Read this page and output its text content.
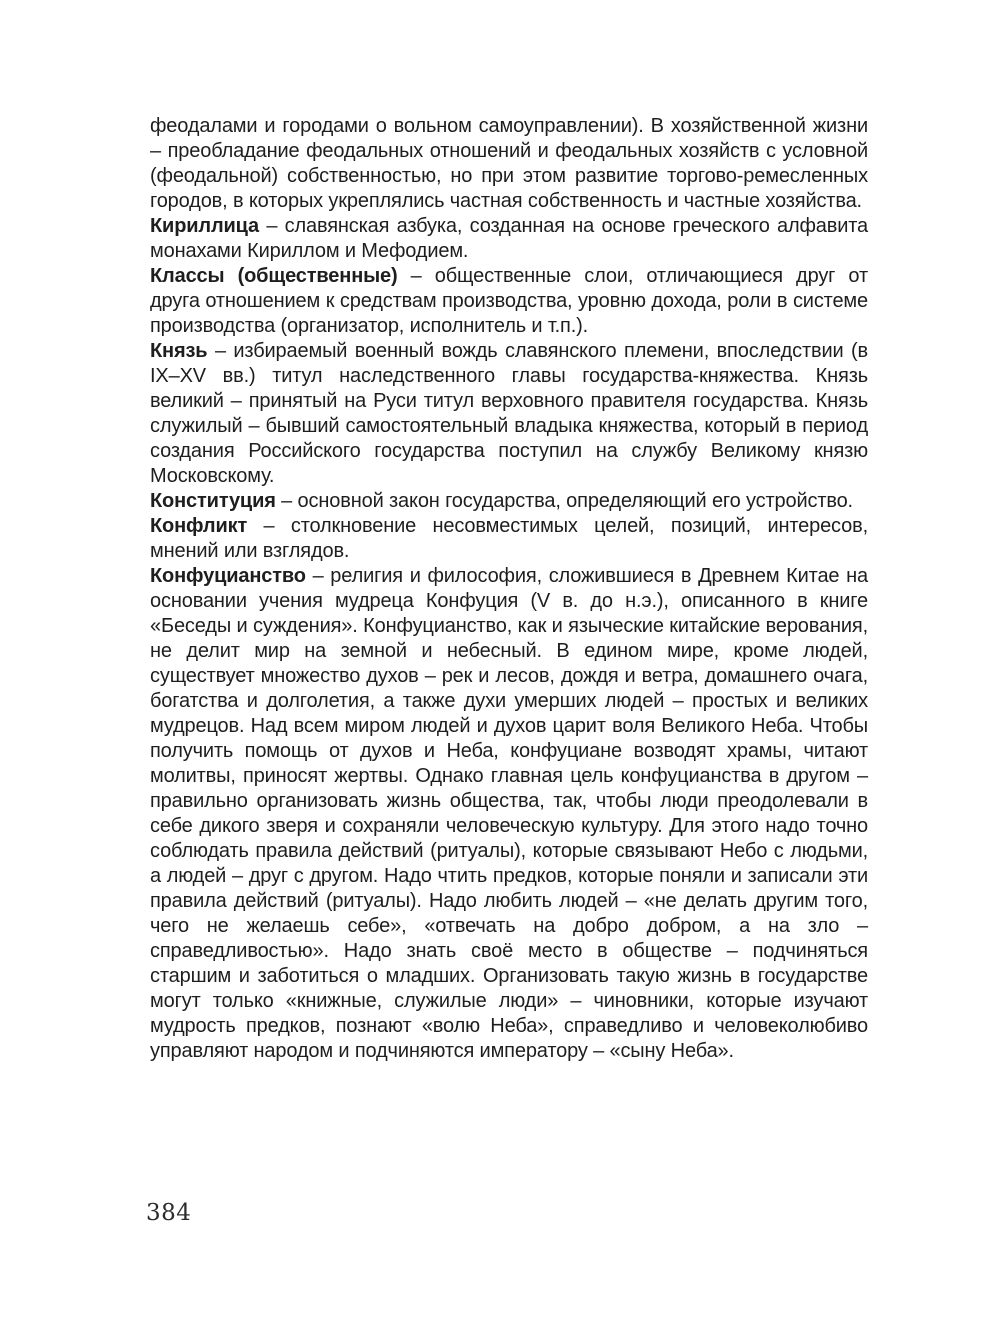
феодалами и городами о вольном самоуправлении). В хозяйственной жизни – преобладание феодальных отношений и феодальных хозяйств с условной (феодальной) собственностью, но при этом развитие торгово-ремесленных городов, в которых укреплялись частная собственность и частные хозяйства.

Кириллица – славянская азбука, созданная на основе греческого алфавита монахами Кириллом и Мефодием.

Классы (общественные) – общественные слои, отличающиеся друг от друга отношением к средствам производства, уровню дохода, роли в системе производства (организатор, исполнитель и т.п.).

Князь – избираемый военный вождь славянского племени, впоследствии (в IX–XV вв.) титул наследственного главы государства-княжества. Князь великий – принятый на Руси титул верховного правителя государства. Князь служилый – бывший самостоятельный владыка княжества, который в период создания Российского государства поступил на службу Великому князю Московскому.

Конституция – основной закон государства, определяющий его устройство.

Конфликт – столкновение несовместимых целей, позиций, интересов, мнений или взглядов.

Конфуцианство – религия и философия, сложившиеся в Древнем Китае на основании учения мудреца Конфуция (V в. до н.э.), описанного в книге «Беседы и суждения». Конфуцианство, как и языческие китайские верования, не делит мир на земной и небесный. В едином мире, кроме людей, существует множество духов – рек и лесов, дождя и ветра, домашнего очага, богатства и долголетия, а также духи умерших людей – простых и великих мудрецов. Над всем миром людей и духов царит воля Великого Неба. Чтобы получить помощь от духов и Неба, конфуциане возводят храмы, читают молитвы, приносят жертвы. Однако главная цель конфуцианства в другом – правильно организовать жизнь общества, так, чтобы люди преодолевали в себе дикого зверя и сохраняли человеческую культуру. Для этого надо точно соблюдать правила действий (ритуалы), которые связывают Небо с людьми, а людей – друг с другом. Надо чтить предков, которые поняли и записали эти правила действий (ритуалы). Надо любить людей – «не делать другим того, чего не желаешь себе», «отвечать на добро добром, а на зло – справедливостью». Надо знать своё место в обществе – подчиняться старшим и заботиться о младших. Организовать такую жизнь в государстве могут только «книжные, служилые люди» – чиновники, которые изучают мудрость предков, познают «волю Неба», справедливо и человеколюбиво управляют народом и подчиняются императору – «сыну Неба».

384
